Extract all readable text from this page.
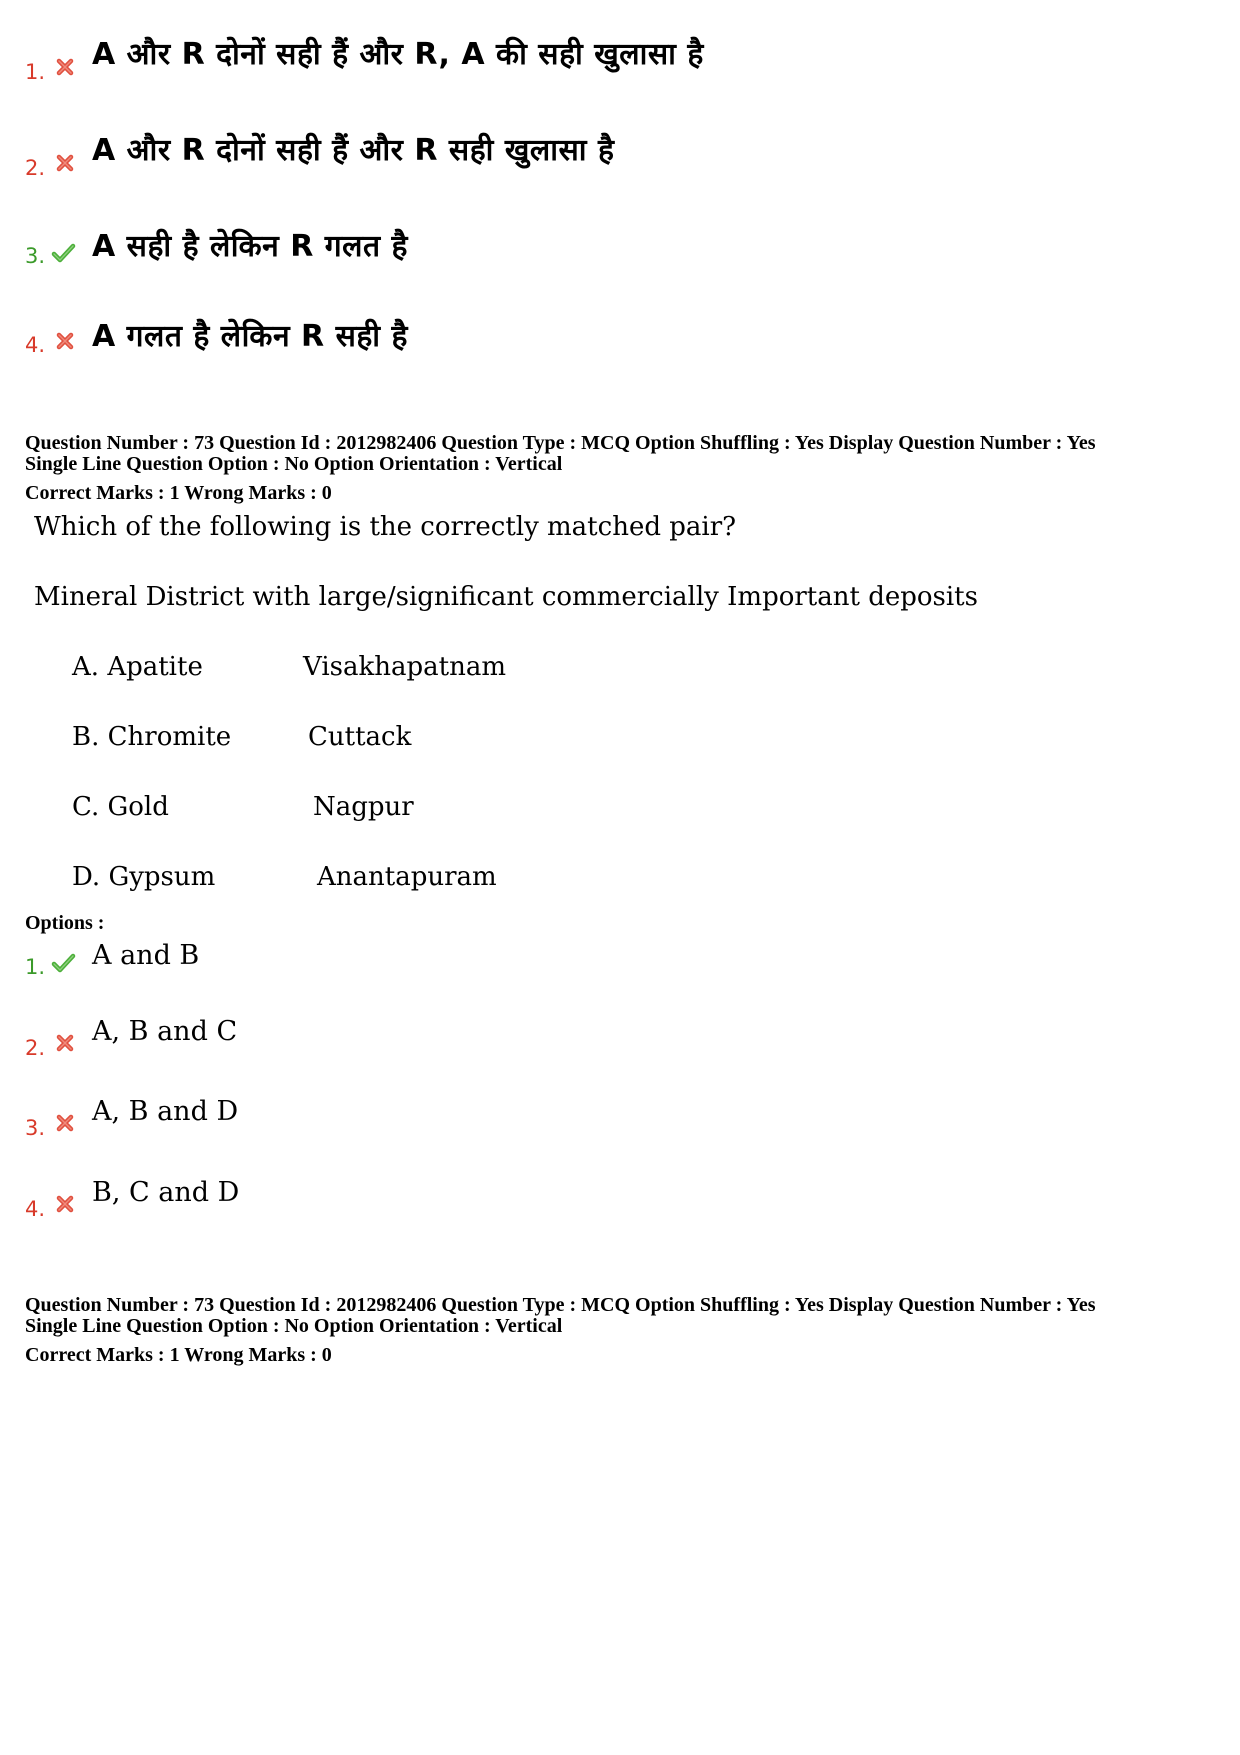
1. A और R दोनों सही हैं और R, A की सही खुलासा है
2. A और R दोनों सही हैं और R सही खुलासा है
3. A सही है लेकिन R गलत है
4. A गलत है लेकिन R सही है
Question Number : 73 Question Id : 2012982406 Question Type : MCQ Option Shuffling : Yes Display Question Number : Yes
Single Line Question Option : No Option Orientation : Vertical
Correct Marks : 1 Wrong Marks : 0
Which of the following is the correctly matched pair?
Mineral District with large/significant commercially Important deposits
A. Apatite	Visakhapatnam
B. Chromite	Cuttack
C. Gold	Nagpur
D. Gypsum	Anantapuram
Options :
1. A and B
2.
A, B and C
3.
A, B and D
4.
B, C and D
Question Number : 73 Question Id : 2012982406 Question Type : MCQ Option Shuffling : Yes Display Question Number : Yes
Single Line Question Option : No Option Orientation : Vertical
Correct Marks : 1 Wrong Marks : 0
